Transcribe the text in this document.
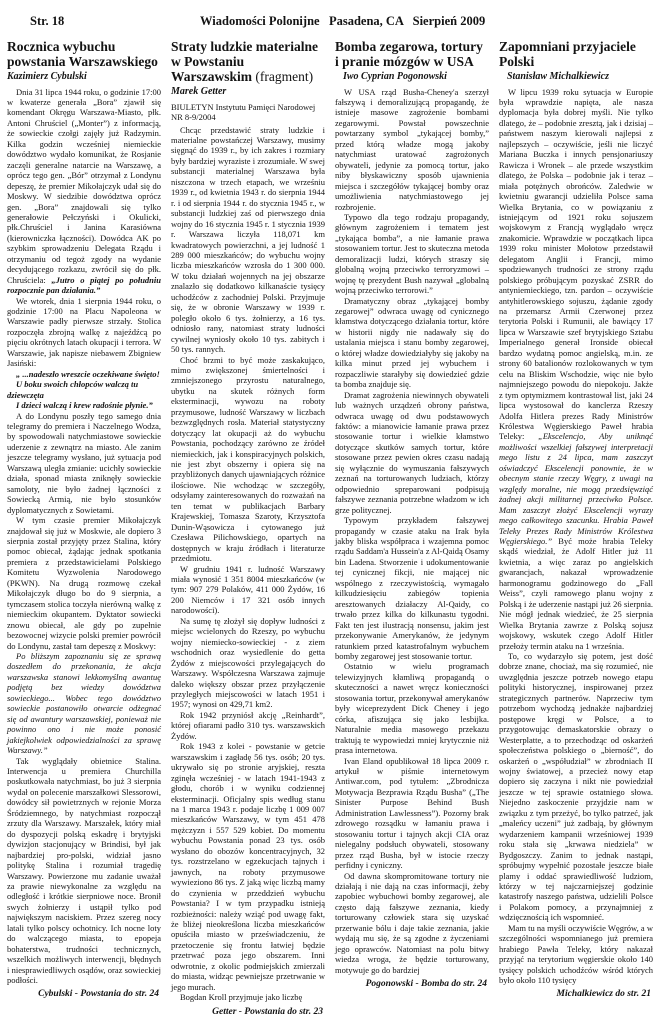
Str. 18	Wiadomości Polonijne   Pasadena, CA   Sierpień 2009
Rocznica wybuchu powstania Warszawskiego

Kazimierz Cybulski

Dnia 31 lipca 1944 roku, o godzinie 17:00 w kwaterze generała „Bora” zjawił się komendant Okręgu Warszawa-Miasto, płk. Antoni Chruściel („Monter”) z informacją, że sowieckie czołgi zajęły już Radzymin. Kilka godzin wcześniej niemieckie dowództwo wydało komunikat, że Rosjanie zaczęli generalne natarcie na Warszawę, a oprócz tego gen. „Bór” otrzymał z Londynu depeszę, że premier Mikołajczyk udał się do Moskwy. W siedzibie dowództwa oprócz gen. „Bora” znajdowali się tylko generałowie Pełczyński i Okulicki, płk.Chruściel i Janina Karasiówna (kierowniczka łączności). Dowódca AK po szybkim sprowadzeniu Delegata Rządu i otrzymaniu od tegoż zgody na wydanie decydującego rozkazu, zwrócił się do płk. Chruściela: „Jutro o piątej po południu rozpocznie pan działania.”

We wtorek, dnia 1 sierpnia 1944 roku, o godzinie 17:00 na Placu Napoleona w Warszawie padły pierwsze strzały. Stolica rozpoczęła zbrojną walkę z najeźdźcą po pięciu okrótnych latach okupacji i terrora. W Warszawie, jak napisze niebawem Zbigniew Jasiński:

„ ...nadeszło wreszcie oczekiwane święto!

U boku swoich chłopców walczą tu dziewczęta

I dzieci walczą i krew radośnie płynie.”

A do Londynu poszły tego samego dnia telegramy do premiera i Naczelnego Wodza, by spowodowali natychmiastowe sowieckie uderzenie z zewnątrz na miasto. Ale zanim jeszcze telegramy wysłano, już sytuacja pod Warszawą uległa zmianie: ucichły sowieckie działa, sponad miasta zniknęły sowieckie samoloty, nie było żadnej łączności z Sowiecką Armią, nie było stosunków dyplomatycznych z Sowietami.

W tym czasie premier Mikołajczyk znajdował się już w Moskwie, ale dopiero 3 sierpnia został przyjęty przez Stalina, który pomoc obiecał, żądając jednak spotkania premiera z przedstawicielami Polskiego Komitetu Wyzwolenia Narodowego (PKWN). Na drugą rozmowę czekał Mikołajczyk długo bo do 9 sierpnia, a tymczasem stolica toczyła nierówną walkę z niemieckim okupantem. Dyktator sowiecki znowu obiecał, ale gdy po zupełnie bezowocnej wizycie polski premier powrócił do Londynu, zastał tam depeszę z Moskwy:

Po bliższym zapoznaniu się ze sprawą doszedłem do przekonania, że akcja warszawska stanowi lekkomyślną awantuę podjętą bez wiedzy dowództwa sowieckiego... Wobec tego dowództwo sowieckie postanowiło otwarcie odżegnać się od awantury warszawskiej, ponieważ nie powinno ono i nie może ponosić jakiejkolwiek odpowiedzialności za sprawę Warszawy.”

Tak wyglądały obietnice Stalina. Interwencja u premiera Churchilla poskutkowała natychmiast, bo już 3 sierpnia wydał on polecenie marszałkowi Slessorowi, dowódcy sił powietrznych w rejonie Morza Śródziemnego, by natychmiast rozpoczął zrzuty dla Warszawy. Marszałek, który miał do dyspozycji polską eskadrę i brytyjski dywizjon stacjonujący w Brindisi, był jak najbardziej pro-polski, widział jasno politykę Stalina i rozumiał tragedię Warszawy. Powierzone mu zadanie uważał za prawie niewykonalne za względu na odległość i krótkie sierpniowe noce. Bronił swych żołnierzy i ustąpił tylko pod największym naciskiem. Przez szereg nocy latali tylko polscy ochotnicy. Ich nocne loty do walczącego miasta, to epopeja bohaterstwa, trudności technicznych, wszelkich możliwych interwencji, błędnych i niesprawiedliwych osądów, oraz sowieckiej podłości.

Cybulski - Powstania do str. 24

Straty ludzkie materialne w Powstaniu Warszawskim (fragment)

Marek Getter

BIULETYN Instytutu Pamięci Narodowej NR 8-9/2004

Chcąc przedstawić straty ludzkie i materialne powstańczej Warszawy, musimy sięgnąć do 1939 r., by ich zakres i rozmiary były bardziej wyraziste i zrozumiałe. W swej substancji materialnej Warszawa była niszczona w trzech etapach, we wrześniu 1939 r., od kwietnia 1943 r. do sierpnia 1944 r. i od sierpnia 1944 r. do stycznia 1945 r., w substancji ludzkiej zaś od pierwszego dnia wojny do 16 stycznia 1945 r. 1 stycznia 1939 r. Warszawa liczyła 118,071 km kwadratowych powierzchni, a jej ludność 1 289 000 mieszkańców; do wybuchu wojny liczba mieszkańców wzrosła do 1 300 000. W toku działań wojennych na jej obszarze znalazło się dodatkowo kilkanaście tysięcy uchodźców z zachodniej Polski. Przyjmuje się, że w obronie Warszawy w 1939 r. poległo około 6 tys. żołnierzy, a 16 tys. odniosło rany, natomiast straty ludności cywilnej wyniosły około 10 tys. zabitych i 50 tys. rannych.

Choć brzmi to być może zaskakująco, mimo zwiększonej śmiertelności i zmniejszonego przyrostu naturalnego, ubytku na skutek różnych form eksterminacji, wywozu na roboty przymusowe, ludność Warszawy w liczbach bezwzględnych rosła. Materiał statystyczny dotyczący lat okupacji aż do wybuchu Powstania, pochodzący zarówno ze źródeł niemieckich, jak i konspiracyjnych polskich, nie jest zbyt obszerny i opiera się na przybliżonych danych ujawniających różnice ilościowe. Nie wchodząc w szczegóły, odsyłamy zainteresowanych do rozważań na ten temat w publikacjach Barbary Krajewskiej, Tomasza Szaroty, Krzysztofa Dunin-Wąsowicza i cytowanego już Czesława Pilichowskiego, opartych na dostępnych w kraju źródłach i literaturze przedmiotu.

W grudniu 1941 r. ludność Warszawy miała wynosić 1 351 8004 mieszkańców (w tym: 907 279 Polaków, 411 000 Żydów, 16 200 Niemców i 17 321 osób innych narodowości).

Na sumę tę złożył się dopływ ludności z miejsc wcielonych do Rzeszy, po wybuchu wojny niemiecko-sowieckiej - z ziem wschodnich oraz wysiedlenie do getta Żydów z miejscowości przylegających do Warszawy. Współczesna Warszawa zajmuje daleko większy obszar przez przyłączenie przyległych miejscowości w latach 1951 i 1957; wynosi on 429,71 km2.

Rok 1942 przyniósł akcję „Reinhardt”, której ofiarami padło 310 tys. warszawskich Żydów.

Rok 1943 z kolei - powstanie w getcie warszawskim i zagładę 56 tys. osób; 20 tys. ukrywało się po stronie aryjskiej, reszta zginęła wcześniej - w latach 1941-1943 z głodu, chorób i w wyniku codziennej eksterminacji. Oficjalny spis według stanu na 1 marca 1943 r. podaje liczbę 1 009 007 mieszkańców Warszawy, w tym 451 478 mężczyzn i 557 529 kobiet. Do momentu wybuchu Powstania ponad 23 tys. osób wysłano do obozów koncentracyjnych, 32 tys. rozstrzelano w egzekucjach tajnych i jawnych, na roboty przymusowe wywieziono 86 tys. Z jaką więc liczbą mamy do czynienia w przeddzień wybuchu Powstania? I w tym przypadku istnieją rozbieżności: należy wziąć pod uwagę fakt, że bliżej nieokreślona liczba mieszkańców opuściła miasto w przeświadczeniu, że przetoczenie się frontu łatwiej będzie przetrwać poza jego obszarem. Inni odwrotnie, z okolic podmiejskich zmierzali do miasta, widząc pewniejsze przetrwanie w jego murach.

Bogdan Kroll przyjmuje jako liczbę

Getter - Powstania do str. 23

Bomba zegarowa, tortury i pranie mózgów w USA

Iwo Cyprian Pogonowski

W USA rząd Busha-Cheney'a szerzył fałszywą i demoralizującą propagandę, że istnieje masowe zagrożenie bombami zegarowymi. Powstał powszechnie powtarzany symbol „tykającej bomby,” przed którą władze mogą jakoby natychmiast uratować zagrożonych obywateli, jedynie za pomocą tortur, jako niby błyskawiczny sposób ujawnienia miejsca i szczegółów tykającej bomby oraz umożliwienia natychmiastowego jej rozbrojenie.

Typowo dla tego rodzaju propagandy, głównym zagrożeniem i tematem jest „tykająca bomba”, a nie łamanie prawa stosowaniem tortur. Jest to skuteczna metoda demoralizacji ludzi, których straszy się globalną wojną przeciwko terroryzmowi – wojnę tę prezydent Bush nazywał „globalną wojną przeciwko terrorowi.”

Dramatyczny obraz „tykającej bomby zegarowej” odwraca uwagę od cynicznego kłamstwa dotyczącego działania tortur, które w historii nigdy nie nadawały się do ustalania miejsca i stanu bomby zegarowej, o której władze dowiedziałyby się jakoby na kilka minut przed jej wybuchem i rozpaczliwie starałyby się dowiedzieć gdzie ta bomba znajduje się.

Dramat zagrożenia niewinnych obywateli lub ważnych urządzeń obrony państwa, odwraca uwagę od dwu podstawowych faktów: a mianowicie łamanie prawa przez stosowanie tortur i wielkie kłamstwo dotyczące skutków samych tortur, które stosowane przez pewien okres czasu nadają się wyłącznie do wymuszania fałszywych zeznań na torturowanych ludziach, którzy odpowiednio spreparowani podpisują fałszywe zeznania potrzebne władzom w ich grze politycznej.

Typowym przykładem fałszywej propagandy w czasie ataku na Irak była jakby bliska współpraca i wzajemna pomoc rządu Saddam'a Hussein'a z Al-Qaidą Osamy bin Ladena. Stworzenie i udokumentowanie tej cynicznej fikcji, nie mającej nic wspólnego z rzeczywistością, wymagało kilkudziesięciu zabiegów topienia aresztowanych działaczy Al-Qaidy, co trwało przez kilka do kilkunastu tygodni. Fakt ten jest ilustracją nonsensu, jakim jest przekonywanie Amerykanów, że jedynym ratunkiem przed katastrofalnym wybuchem bomby zegarowej jest stosowanie tortur.

Ostatnio w wielu programach telewizyjnych kłamliwą propagandą o skuteczności a nawet wręcz konieczności stosowania tortur, przekonywał amerykanów były wiceprezydent Dick Cheney i jego córka, afiszująca się jako lesbijka. Naturalnie media masowego przekazu traktują te wypowiedzi mniej krytycznie niż prasa internetowa.

Ivan Eland opublikował 18 lipca 2009 r. artykuł w piśmie internetowym Antiwar.com, pod tytułem: „Zbrodnicza Motywacja Bezprawia Rządu Busha” („The Sinister Purpose Behind Bush Administration Lawlessness”). Pozorny brak zdrowego rozsądku w łamaniu prawa i stosowaniu tortur i tajnych akcji CIA oraz nielegalny podsłuch obywateli, stosowany przez rząd Busha, był w istocie rzeczy perfidny i cyniczny.

Od dawna skompromitowane tortury nie działają i nie dają na czas informacji, żeby zapobiec wybuchowi bomby zegarowej, ale często dają fałszywe zeznania, kiedy torturowany człowiek stara się uzyskać przerwanie bólu i daje takie zeznania, jakie wydają mu się, że są zgodne z życzeniami jego oprawców. Natomiast na polu bitwy wiedza wroga, że będzie torturowany, motywuje go do bardziej

Pogonowski - Bomba do str. 24

Zapomniani przyjaciele Polski

Stanisław Michalkiewicz

W lipcu 1939 roku sytuacja w Europie była wprawdzie napięta, ale nasza dyplomacja była dobrej myśli. Nie tylko dlatego, że – podobnie zresztą, jak i dzisiaj – państwem naszym kierowali najlepsi z najlepszych – oczywiście, jeśli nie liczyć Mariana Buczka i innych pensjonariuszy Rawicza i Wronek – ale przede wszystkim dlatego, że Polska – podobnie jak i teraz – miała potężnych obrońców. Zaledwie w kwietniu gwarancji udzieliła Polsce sama Wielka Brytania, co w powiązaniu z istniejącym od 1921 roku sojuszem wojskowym z Francją wyglądało wręcz znakomicie. Wprawdzie w początkach lipca 1939 roku minister Mołotow przedstawił delegatom Anglii i Francji, mimo spodziewanych trudności ze strony rządu polskiego próbującym pozyskać ZSRR do antyniemieckiego, tzn. pardon – oczywiście antyhitlerowskiego sojuszu, żądanie zgody na przemarsz Armii Czerwonej przez terytoria Polski i Rumunii, ale bawiący 17 lipca w Warszawie szef brytyjskiego Sztabu Imperialnego generał Ironside obiecał bardzo wydatną pomoc angielską, m.in. ze strony 60 batalionów rozlokowanych w tym celu na Bliskim Wschodzie, więc nie było najmniejszego powodu do niepokoju. Jakże z tym optymizmem kontrastował list, jaki 24 lipca wystosował do kanclerza Rzeszy Adolfa Hitlera prezes Rady Ministrów Królestwa Węgierskiego Paweł hrabia Teleky: „Ekscelencjo, Aby uniknąć możliwości wszelkiej fałszywej interpretacji mego listu z 24 lipca, mam zaszczyt oświadczyć Ekscelencji ponownie, że w obecnym stanie rzeczy Węgry, z uwagi na względy moralne, nie mogą przedsięwziąć żadnej akcji militarnej przeciwko Polsce. Mam zaszczyt złożyć Ekscelencji wyrazy mego całkowitego szacunku. Hrabia Paweł Teleky Prezes Rady Ministrów Królestwa Węgierskiego.” Być może hrabia Teleky skądś wiedział, że Adolf Hitler już 11 kwietnia, a więc zaraz po angielskich gwarancjach, nakazał wprowadzenie harmonogramu godzinowego do „Fall Weiss”, czyli ramowego planu wojny z Polską i że uderzenie nastąpi już 26 sierpnia. Nie mógł jednak wiedzieć, że 25 sierpnia Wielka Brytania zawrze z Polską sojusz wojskowy, wskutek czego Adolf Hitler przełoży termin ataku na 1 września.

To, co wydarzyło się potem, jest dość dobrze znane, chociaż, ma się rozumieć, nie uwzględnia jeszcze potrzeb nowego etapu polityki historycznej, inspirowanej przez strategicznych partnerów. Naprzeciw tym potrzebom wychodzą jednakże najbardziej postępowe kręgi w Polsce, a to przygotowując demaskatorskie obrazy o Westerplatte, a to przechodząc od oskarżeń społeczeństwa polskiego o „bierność”, do oskarżeń o „współudział” w zbrodniach II wojny światowej, a przecież nowy etap dopiero się zaczyna i nikt nie powiedział jeszcze w tej sprawie ostatniego słowa. Niejedno zaskoczenie przyjdzie nam w związku z tym przeżyć, bo tylko patrzeć, jak „maleńcy uczeni” już zadbają, by głównym wydarzeniem kampanii wrześniowej 1939 roku stała się „krwawa niedziela” w Bydgoszczy. Zanim to jednak nastąpi, spróbujmy wypełnić pozostałe jeszcze białe plamy i oddać sprawiedliwość ludziom, którzy w tej najczarniejszej godzinie katastrofy naszego państwa, udzielili Polsce i Polakom pomocy, a przynajmniej z wdzięcznością ich wspomnieć.

Mam tu na myśli oczywiście Węgrów, a w szczególności wspomnianego już premiera hrabiego Pawła Teleky, który nakazał przyjąć na terytorium węgierskie około 140 tysięcy polskich uchodźców wśród których było około 110 tysięcy

Michalkiewicz do str. 21
